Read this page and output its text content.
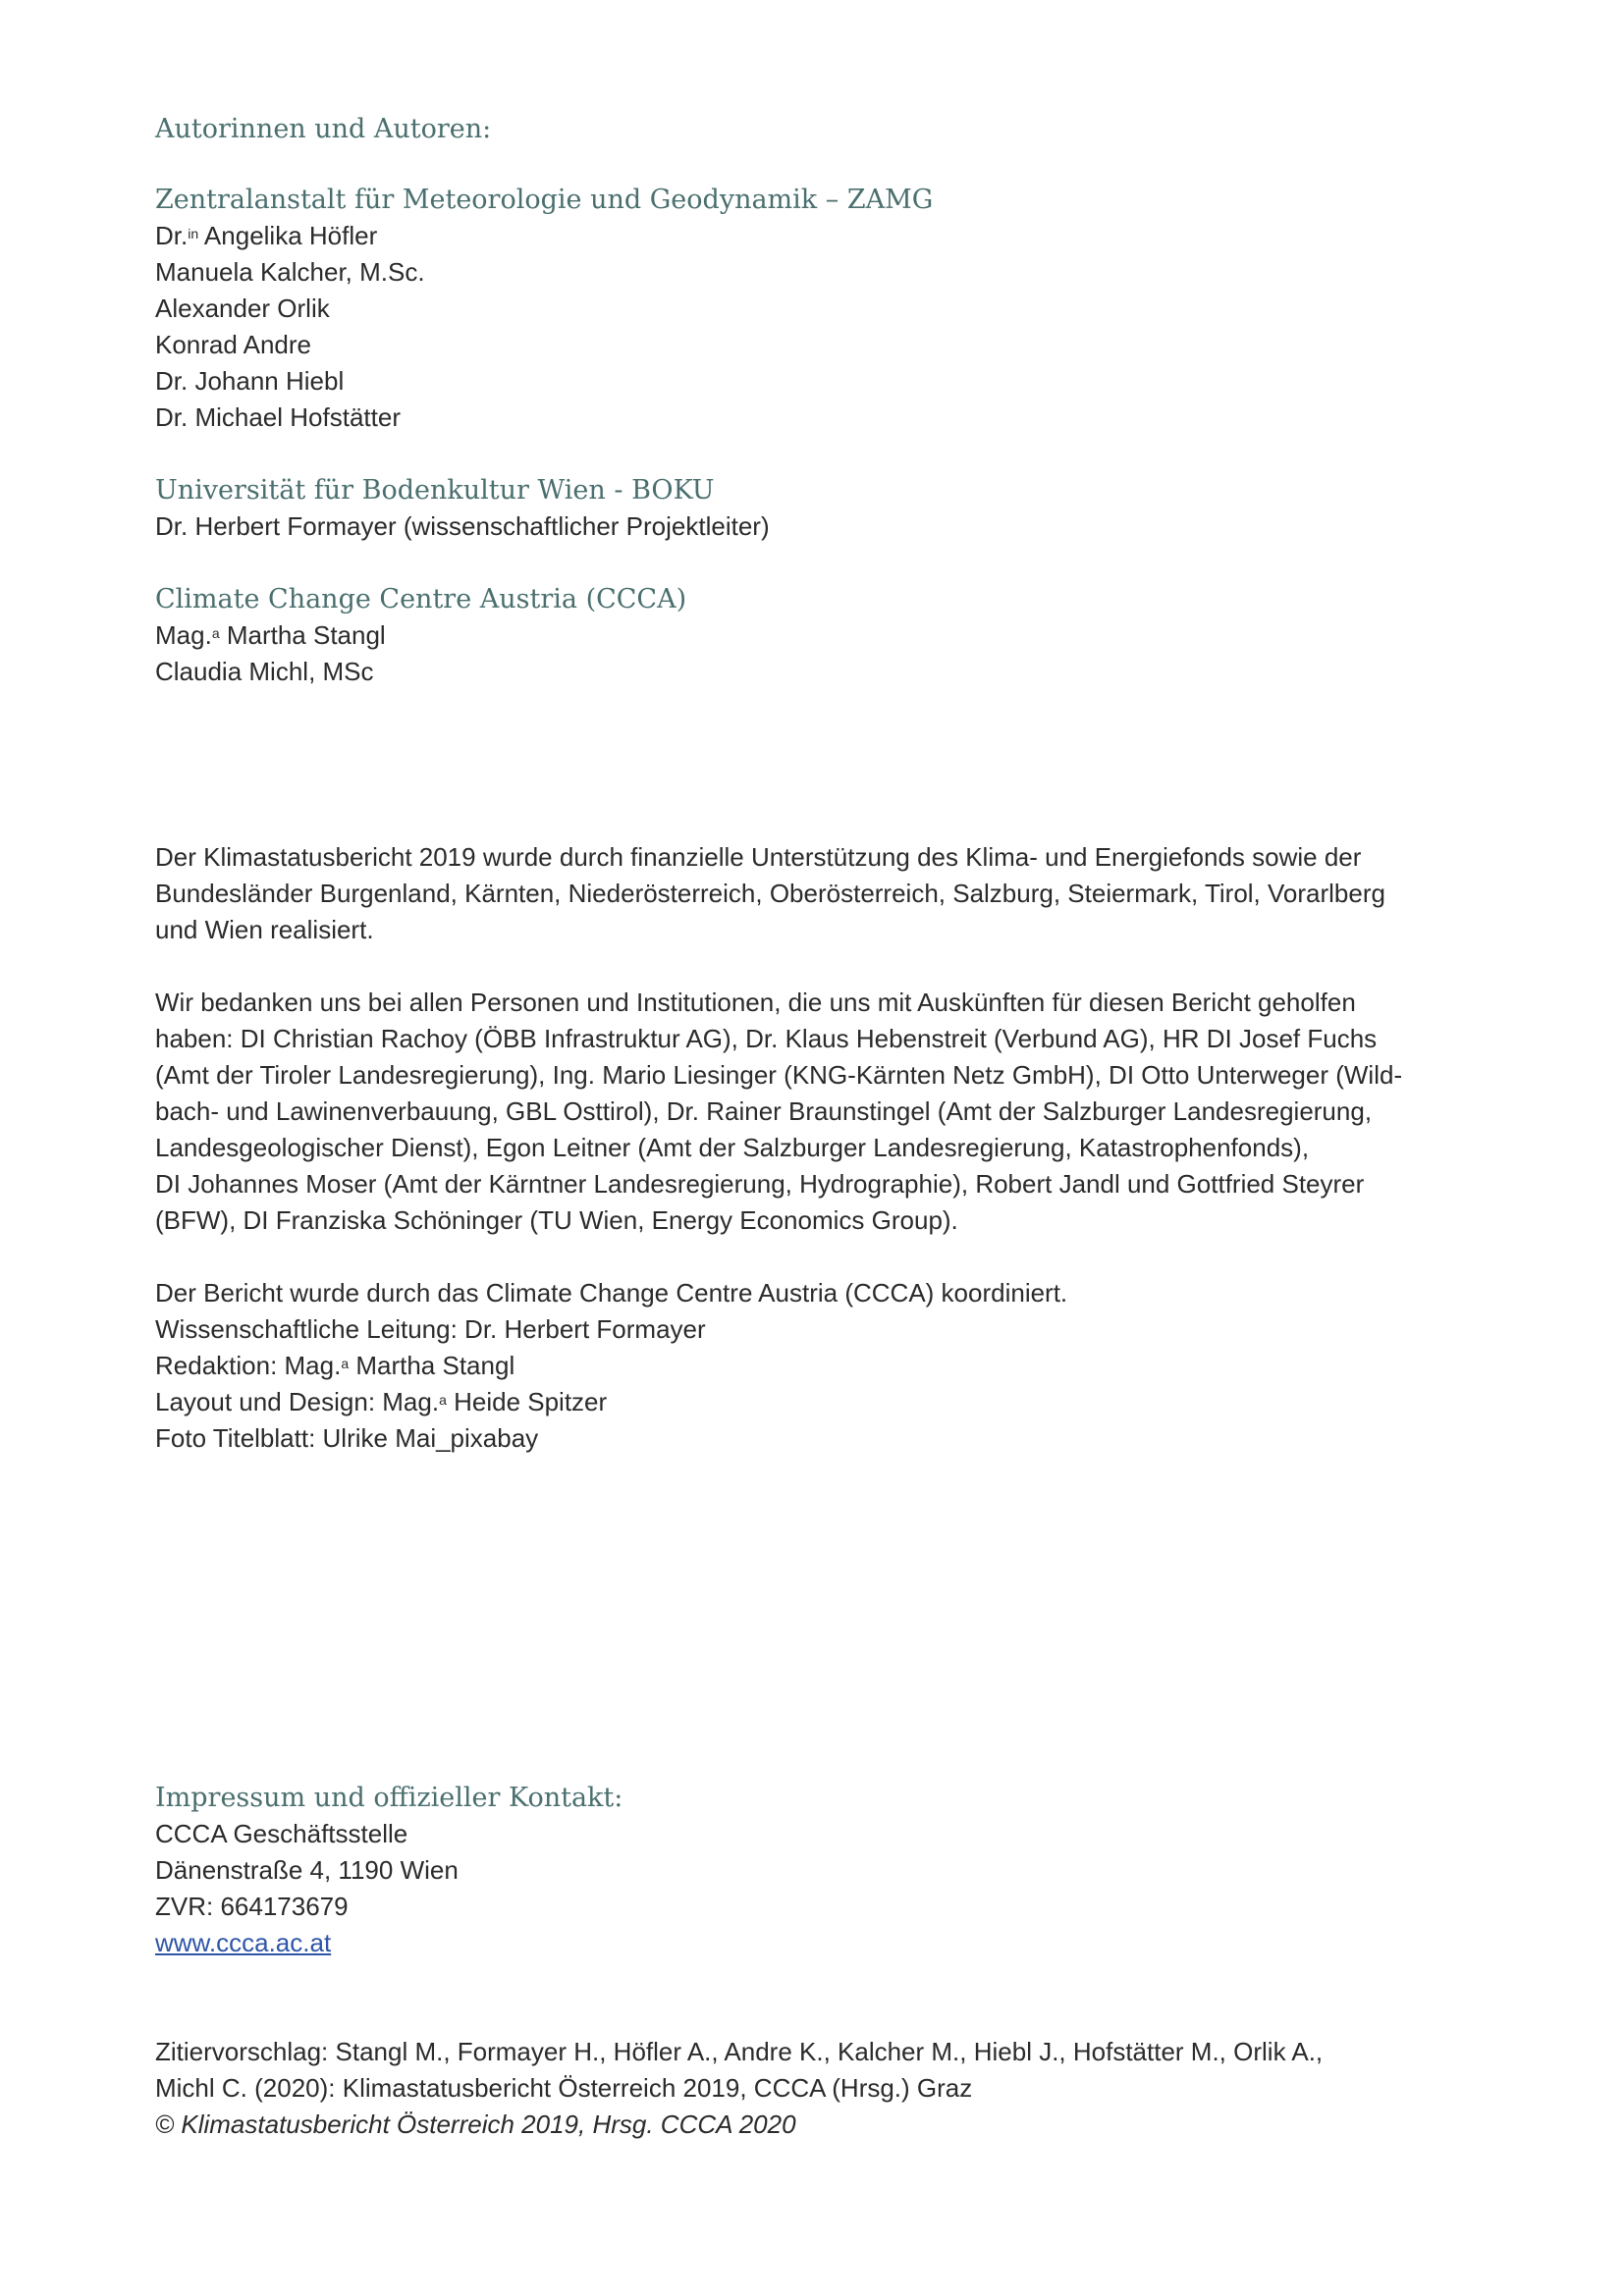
Autorinnen und Autoren:
Zentralanstalt für Meteorologie und Geodynamik – ZAMG

Dr.$^{in}$ Angelika Höfler

Manuela Kalcher, M.Sc.

Alexander Orlik

Konrad Andre

Dr. Johann Hiebl

Dr. Michael Hofstätter

Universität für Bodenkultur Wien - BOKU

Dr. Herbert Formayer (wissenschaftlicher Projektleiter)

Climate Change Centre Austria (CCCA)

Mag.$^a$ Martha Stangl

Claudia Michl, MSc

Der Klimastatusbericht 2019 wurde durch finanzielle Unterstützung des Klima- und Energiefonds sowie der
Bundesländer Burgenland, Kärnten, Niederösterreich, Oberösterreich, Salzburg, Steiermark, Tirol, Vorarlberg
und Wien realisiert.
Wir bedanken uns bei allen Personen und Institutionen, die uns mit Auskünften für diesen Bericht geholfen
haben: DI Christian Rachoy (ÖBB Infrastruktur AG), Dr. Klaus Hebenstreit (Verbund AG), HR DI Josef Fuchs
(Amt der Tiroler Landesregierung), Ing. Mario Liesinger (KNG-Kärnten Netz GmbH), DI Otto Unterweger (Wild-
bach- und Lawinenverbauung, GBL Osttirol), Dr. Rainer Braunstingel (Amt der Salzburger Landesregierung,
Landesgeologischer Dienst), Egon Leitner (Amt der Salzburger Landesregierung, Katastrophenfonds),
DI Johannes Moser (Amt der Kärntner Landesregierung, Hydrographie), Robert Jandl und Gottfried Steyrer
(BFW), DI Franziska Schöninger (TU Wien, Energy Economics Group).

Der Bericht wurde durch das Climate Change Centre Austria (CCCA) koordiniert.

Wissenschaftliche Leitung: Dr. Herbert Formayer

Redaktion: Mag.$^a$ Martha Stangl

Layout und Design: Mag.$^a$ Heide Spitzer

Foto Titelblatt: Ulrike Mai_pixabay

Impressum und offizieller Kontakt:

CCCA Geschäftsstelle

Dänenstraße 4, 1190 Wien

ZVR: 664173679

www.ccca.ac.at

Zitiervorschlag: Stangl M., Formayer H., Höfler A., Andre K., Kalcher M., Hiebl J., Hofstätter M., Orlik A.,

Michl C. (2020): Klimastatusbericht Österreich 2019, CCCA (Hrsg.) Graz

© Klimastatusbericht Österreich 2019, Hrsg. CCCA 2020
